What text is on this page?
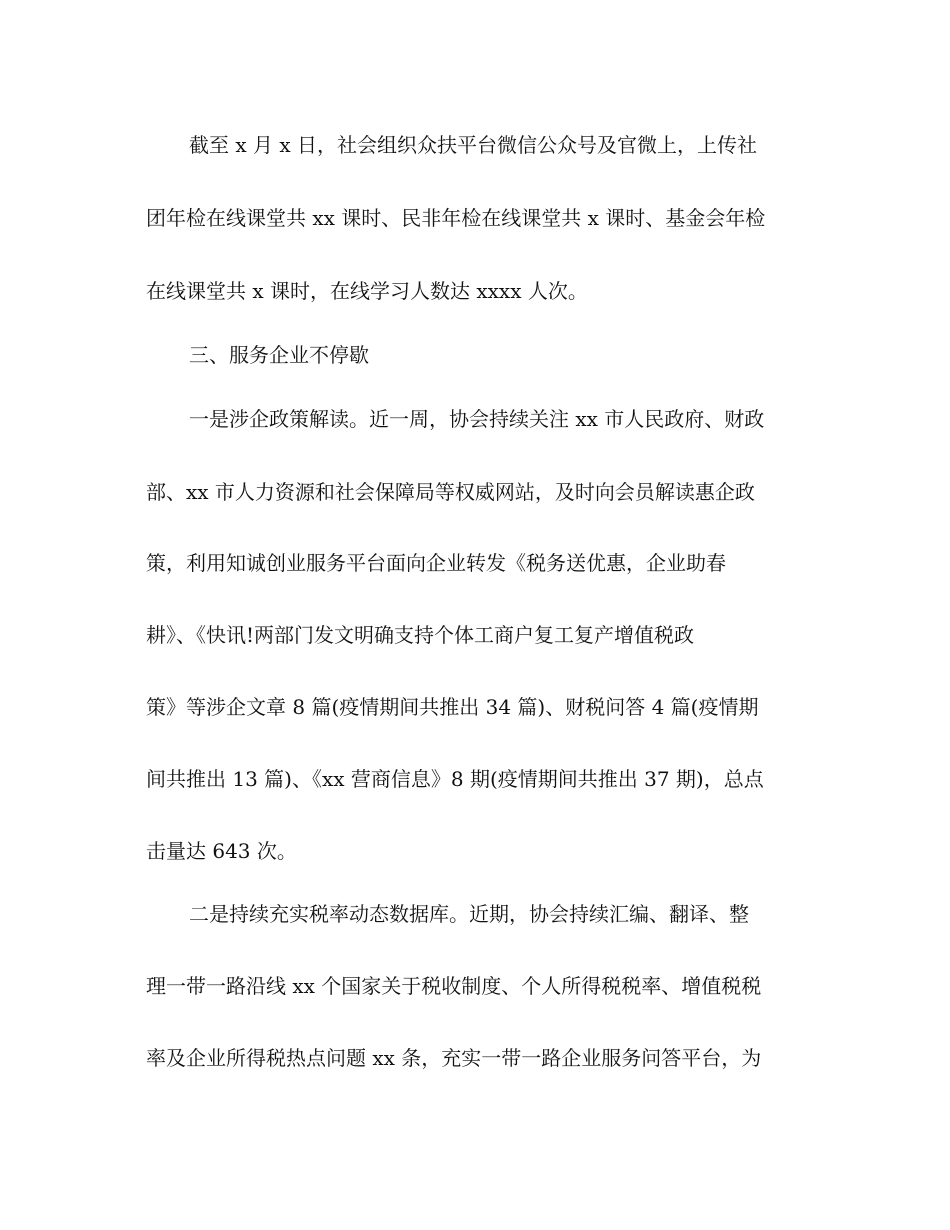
截至 x 月 x 日，社会组织众扶平台微信公众号及官微上，上传社
团年检在线课堂共 xx 课时、民非年检在线课堂共 x 课时、基金会年检
在线课堂共 x 课时，在线学习人数达 xxxx 人次。
三、服务企业不停歇
一是涉企政策解读。近一周，协会持续关注 xx 市人民政府、财政
部、xx 市人力资源和社会保障局等权威网站，及时向会员解读惠企政
策，利用知诚创业服务平台面向企业转发《税务送优惠，企业助春
耕》、《快讯!两部门发文明确支持个体工商户复工复产增值税政
策》等涉企文章 8 篇(疫情期间共推出 34 篇)、财税问答 4 篇(疫情期
间共推出 13 篇)、《xx 营商信息》8 期(疫情期间共推出 37 期)，总点
击量达 643 次。
二是持续充实税率动态数据库。近期，协会持续汇编、翻译、整
理一带一路沿线 xx 个国家关于税收制度、个人所得税税率、增值税税
率及企业所得税热点问题 xx 条，充实一带一路企业服务问答平台，为
